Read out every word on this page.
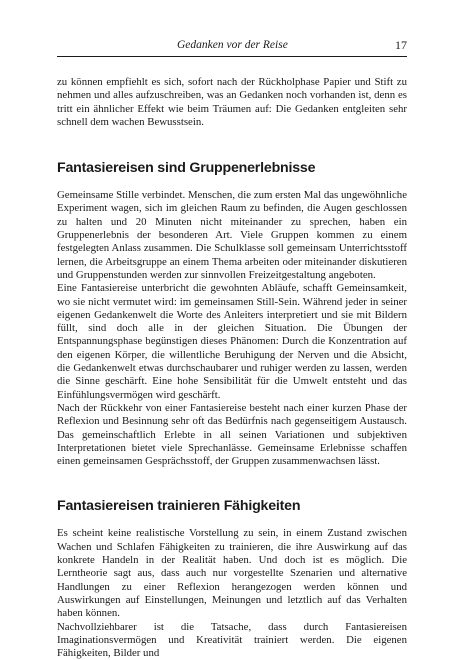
Gedanken vor der Reise	17

zu können empfiehlt es sich, sofort nach der Rückholphase Papier und Stift zu nehmen und alles aufzuschreiben, was an Gedanken noch vorhanden ist, denn es tritt ein ähnlicher Effekt wie beim Träumen auf: Die Gedanken entgleiten sehr schnell dem wachen Bewusstsein.

Fantasiereisen sind Gruppenerlebnisse

Gemeinsame Stille verbindet. Menschen, die zum ersten Mal das ungewöhnliche Experiment wagen, sich im gleichen Raum zu befinden, die Augen geschlossen zu halten und 20 Minuten nicht miteinander zu sprechen, haben ein Gruppenerlebnis der besonderen Art. Viele Gruppen kommen zu einem festgelegten Anlass zusammen. Die Schulklasse soll gemeinsam Unterrichtsstoff lernen, die Arbeitsgruppe an einem Thema arbeiten oder miteinander diskutieren und Gruppenstunden werden zur sinnvollen Freizeitgestaltung angeboten.

Eine Fantasiereise unterbricht die gewohnten Abläufe, schafft Gemeinsamkeit, wo sie nicht vermutet wird: im gemeinsamen Still-Sein. Während jeder in seiner eigenen Gedankenwelt die Worte des Anleiters interpretiert und sie mit Bildern füllt, sind doch alle in der gleichen Situation. Die Übungen der Entspannungsphase begünstigen dieses Phänomen: Durch die Konzentration auf den eigenen Körper, die willentliche Beruhigung der Nerven und die Absicht, die Gedankenwelt etwas durchschaubarer und ruhiger werden zu lassen, werden die Sinne geschärft. Eine hohe Sensibilität für die Umwelt entsteht und das Einfühlungsvermögen wird geschärft.

Nach der Rückkehr von einer Fantasiereise besteht nach einer kurzen Phase der Reflexion und Besinnung sehr oft das Bedürfnis nach gegenseitigem Austausch. Das gemeinschaftlich Erlebte in all seinen Variationen und subjektiven Interpretationen bietet viele Sprechanlässe. Gemeinsame Erlebnisse schaffen einen gemeinsamen Gesprächsstoff, der Gruppen zusammenwachsen lässt.

Fantasiereisen trainieren Fähigkeiten

Es scheint keine realistische Vorstellung zu sein, in einem Zustand zwischen Wachen und Schlafen Fähigkeiten zu trainieren, die ihre Auswirkung auf das konkrete Handeln in der Realität haben. Und doch ist es möglich. Die Lerntheorie sagt aus, dass auch nur vorgestellte Szenarien und alternative Handlungen zu einer Reflexion herangezogen werden können und Auswirkungen auf Einstellungen, Meinungen und letztlich auf das Verhalten haben können.

Nachvollziehbarer ist die Tatsache, dass durch Fantasiereisen Imaginationsvermögen und Kreativität trainiert werden. Die eigenen Fähigkeiten, Bilder und
